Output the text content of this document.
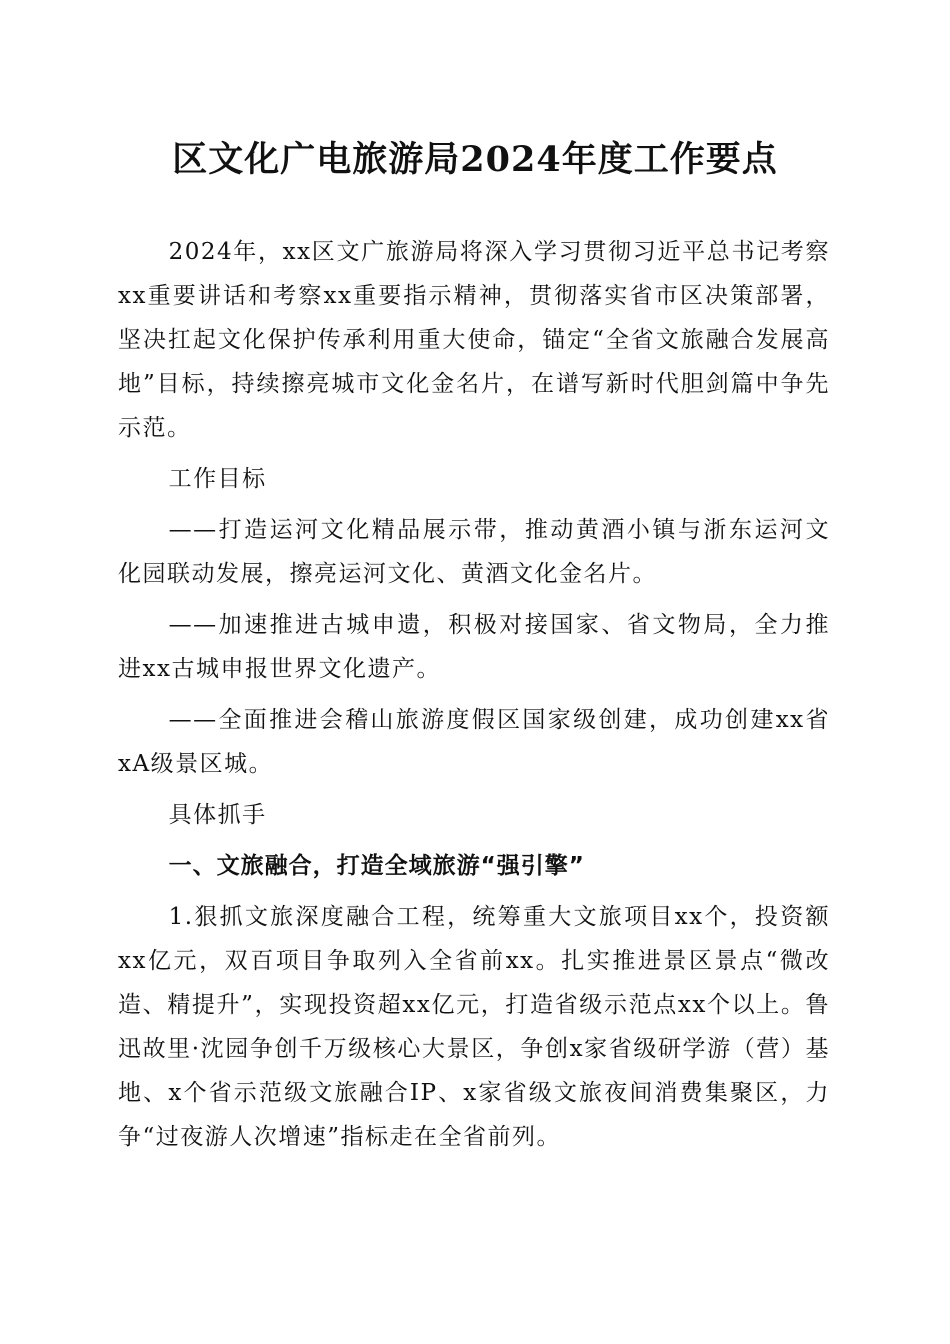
区文化广电旅游局2024年度工作要点

2024年，xx区文广旅游局将深入学习贯彻习近平总书记考察xx重要讲话和考察xx重要指示精神，贯彻落实省市区决策部署，坚决扛起文化保护传承利用重大使命，锚定“全省文旅融合发展高地”目标，持续擦亮城市文化金名片，在谱写新时代胆剑篇中争先示范。

工作目标

——打造运河文化精品展示带，推动黄酒小镇与浙东运河文化园联动发展，擦亮运河文化、黄酒文化金名片。

——加速推进古城申遗，积极对接国家、省文物局，全力推进xx古城申报世界文化遗产。

——全面推进会稽山旅游度假区国家级创建，成功创建xx省xA级景区城。

具体抓手

一、文旅融合，打造全域旅游“强引擎”

1.狠抓文旅深度融合工程，统筹重大文旅项目xx个，投资额xx亿元，双百项目争取列入全省前xx。扎实推进景区景点“微改造、精提升”，实现投资超xx亿元，打造省级示范点xx个以上。鲁迅故里·沈园争创千万级核心大景区，争创x家省级研学游（营）基地、x个省示范级文旅融合IP、x家省级文旅夜间消费集聚区，力争“过夜游人次增速”指标走在全省前列。
